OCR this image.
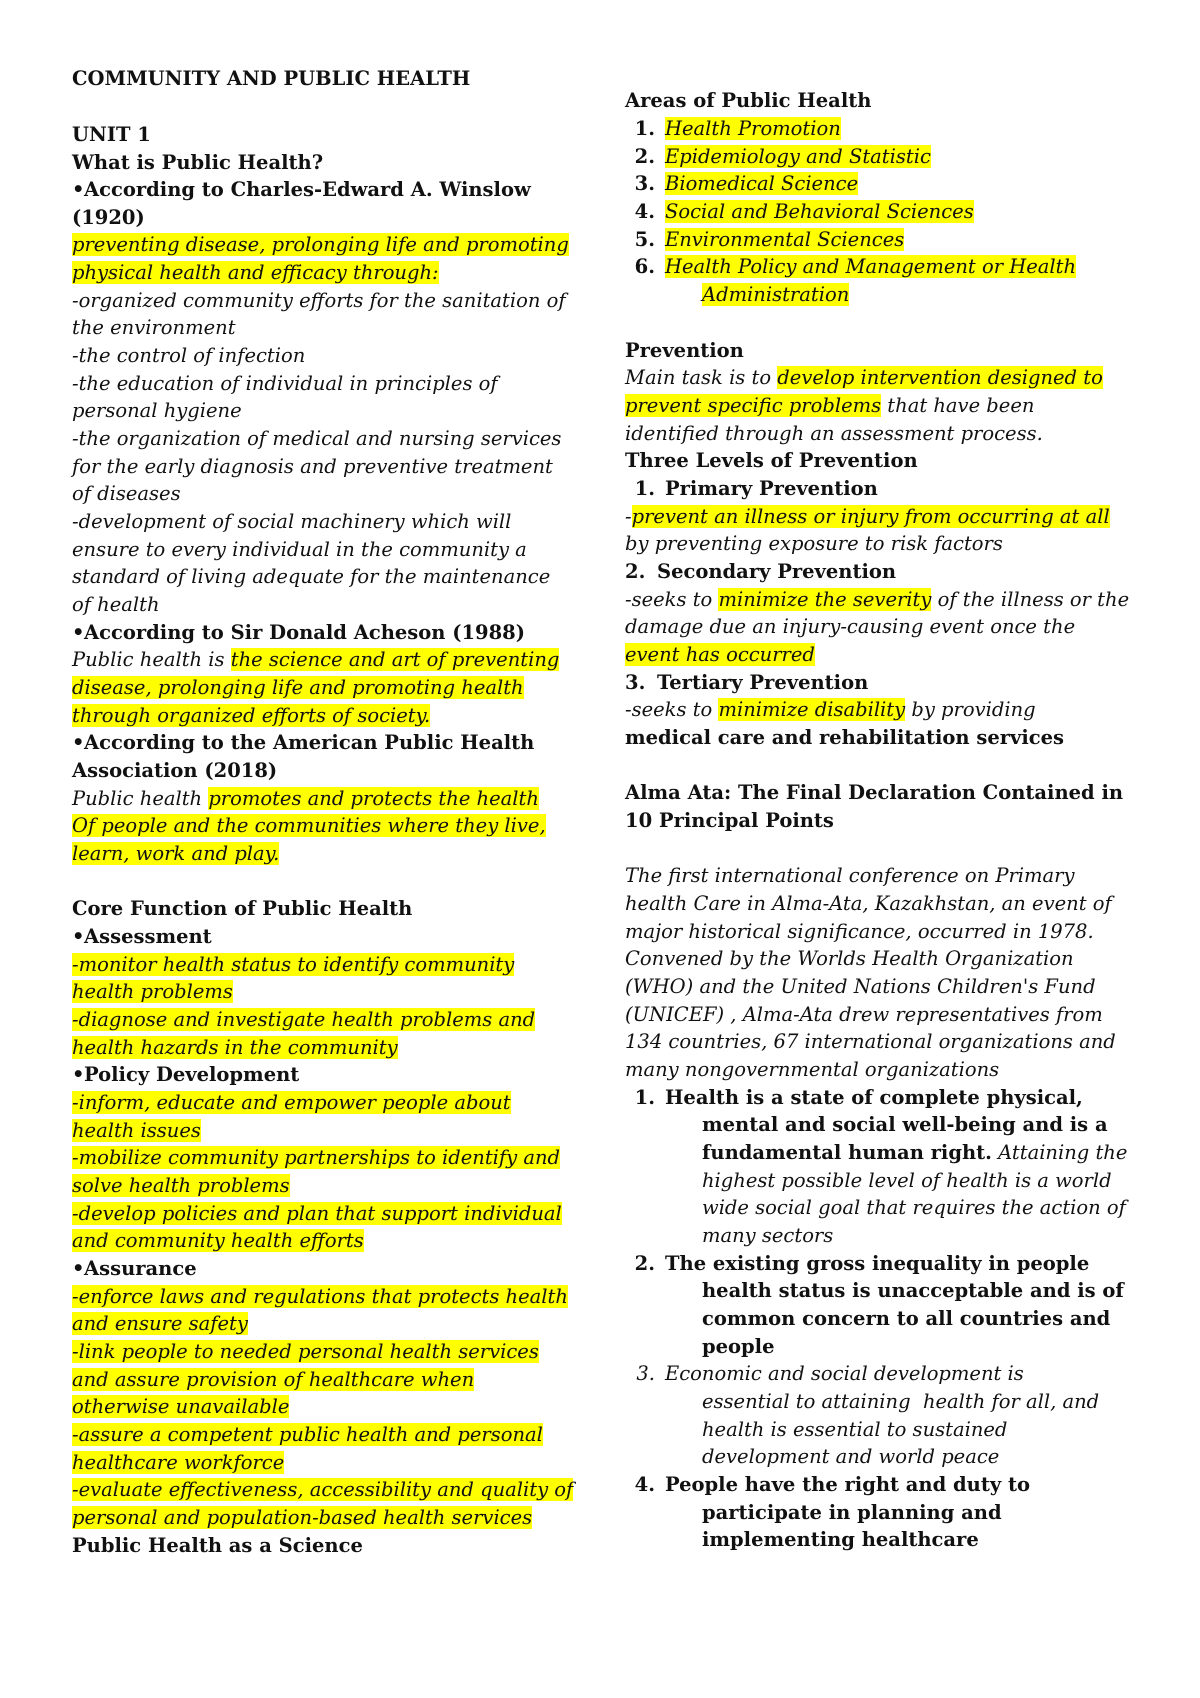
COMMUNITY AND PUBLIC HEALTH
UNIT 1
What is Public Health?
•According to Charles-Edward A. Winslow
(1920)
preventing disease, prolonging life and promoting
physical health and efficacy through:
-organized community efforts for the sanitation of
the environment
-the control of infection
-the education of individual in principles of
personal hygiene
-the organization of medical and nursing services
for the early diagnosis and preventive treatment
of diseases
-development of social machinery which will
ensure to every individual in the community a
standard of living adequate for the maintenance
of health
•According to Sir Donald Acheson (1988)
Public health is the science and art of preventing
disease, prolonging life and promoting health
through organized efforts of society.
•According to the American Public Health
Association (2018)
Public health promotes and protects the health
Of people and the communities where they live,
learn, work and play.
Core Function of Public Health
•Assessment
-monitor health status to identify community
health problems
-diagnose and investigate health problems and
health hazards in the community
•Policy Development
-inform, educate and empower people about
health issues
-mobilize community partnerships to identify and
solve health problems
-develop policies and plan that support individual
and community health efforts
•Assurance
-enforce laws and regulations that protects health
and ensure safety
-link people to needed personal health services
and assure provision of healthcare when
otherwise unavailable
-assure a competent public health and personal
healthcare workforce
-evaluate effectiveness, accessibility and quality of
personal and population-based health services
Public Health as a Science
Areas of Public Health
1. Health Promotion
2. Epidemiology and Statistic
3. Biomedical Science
4. Social and Behavioral Sciences
5. Environmental Sciences
6. Health Policy and Management or Health
Administration
Prevention
Main task is to develop intervention designed to
prevent specific problems that have been
identified through an assessment process.
Three Levels of Prevention
1. Primary Prevention
-prevent an illness or injury from occurring at all
by preventing exposure to risk factors
2. Secondary Prevention
-seeks to minimize the severity of the illness or the
damage due an injury-causing event once the
event has occurred
3. Tertiary Prevention
-seeks to minimize disability by providing
medical care and rehabilitation services
Alma Ata: The Final Declaration Contained in
10 Principal Points
The first international conference on Primary
health Care in Alma-Ata, Kazakhstan, an event of
major historical significance, occurred in 1978.
Convened by the Worlds Health Organization
(WHO) and the United Nations Children's Fund
(UNICEF) , Alma-Ata drew representatives from
134 countries, 67 international organizations and
many nongovernmental organizations
1. Health is a state of complete physical,
mental and social well-being and is a
fundamental human right. Attaining the
highest possible level of health is a world
wide social goal that requires the action of
many sectors
2. The existing gross inequality in people
health status is unacceptable and is of
common concern to all countries and
people
3. Economic and social development is
essential to attaining  health for all, and
health is essential to sustained
development and world peace
4. People have the right and duty to
participate in planning and
implementing healthcare
